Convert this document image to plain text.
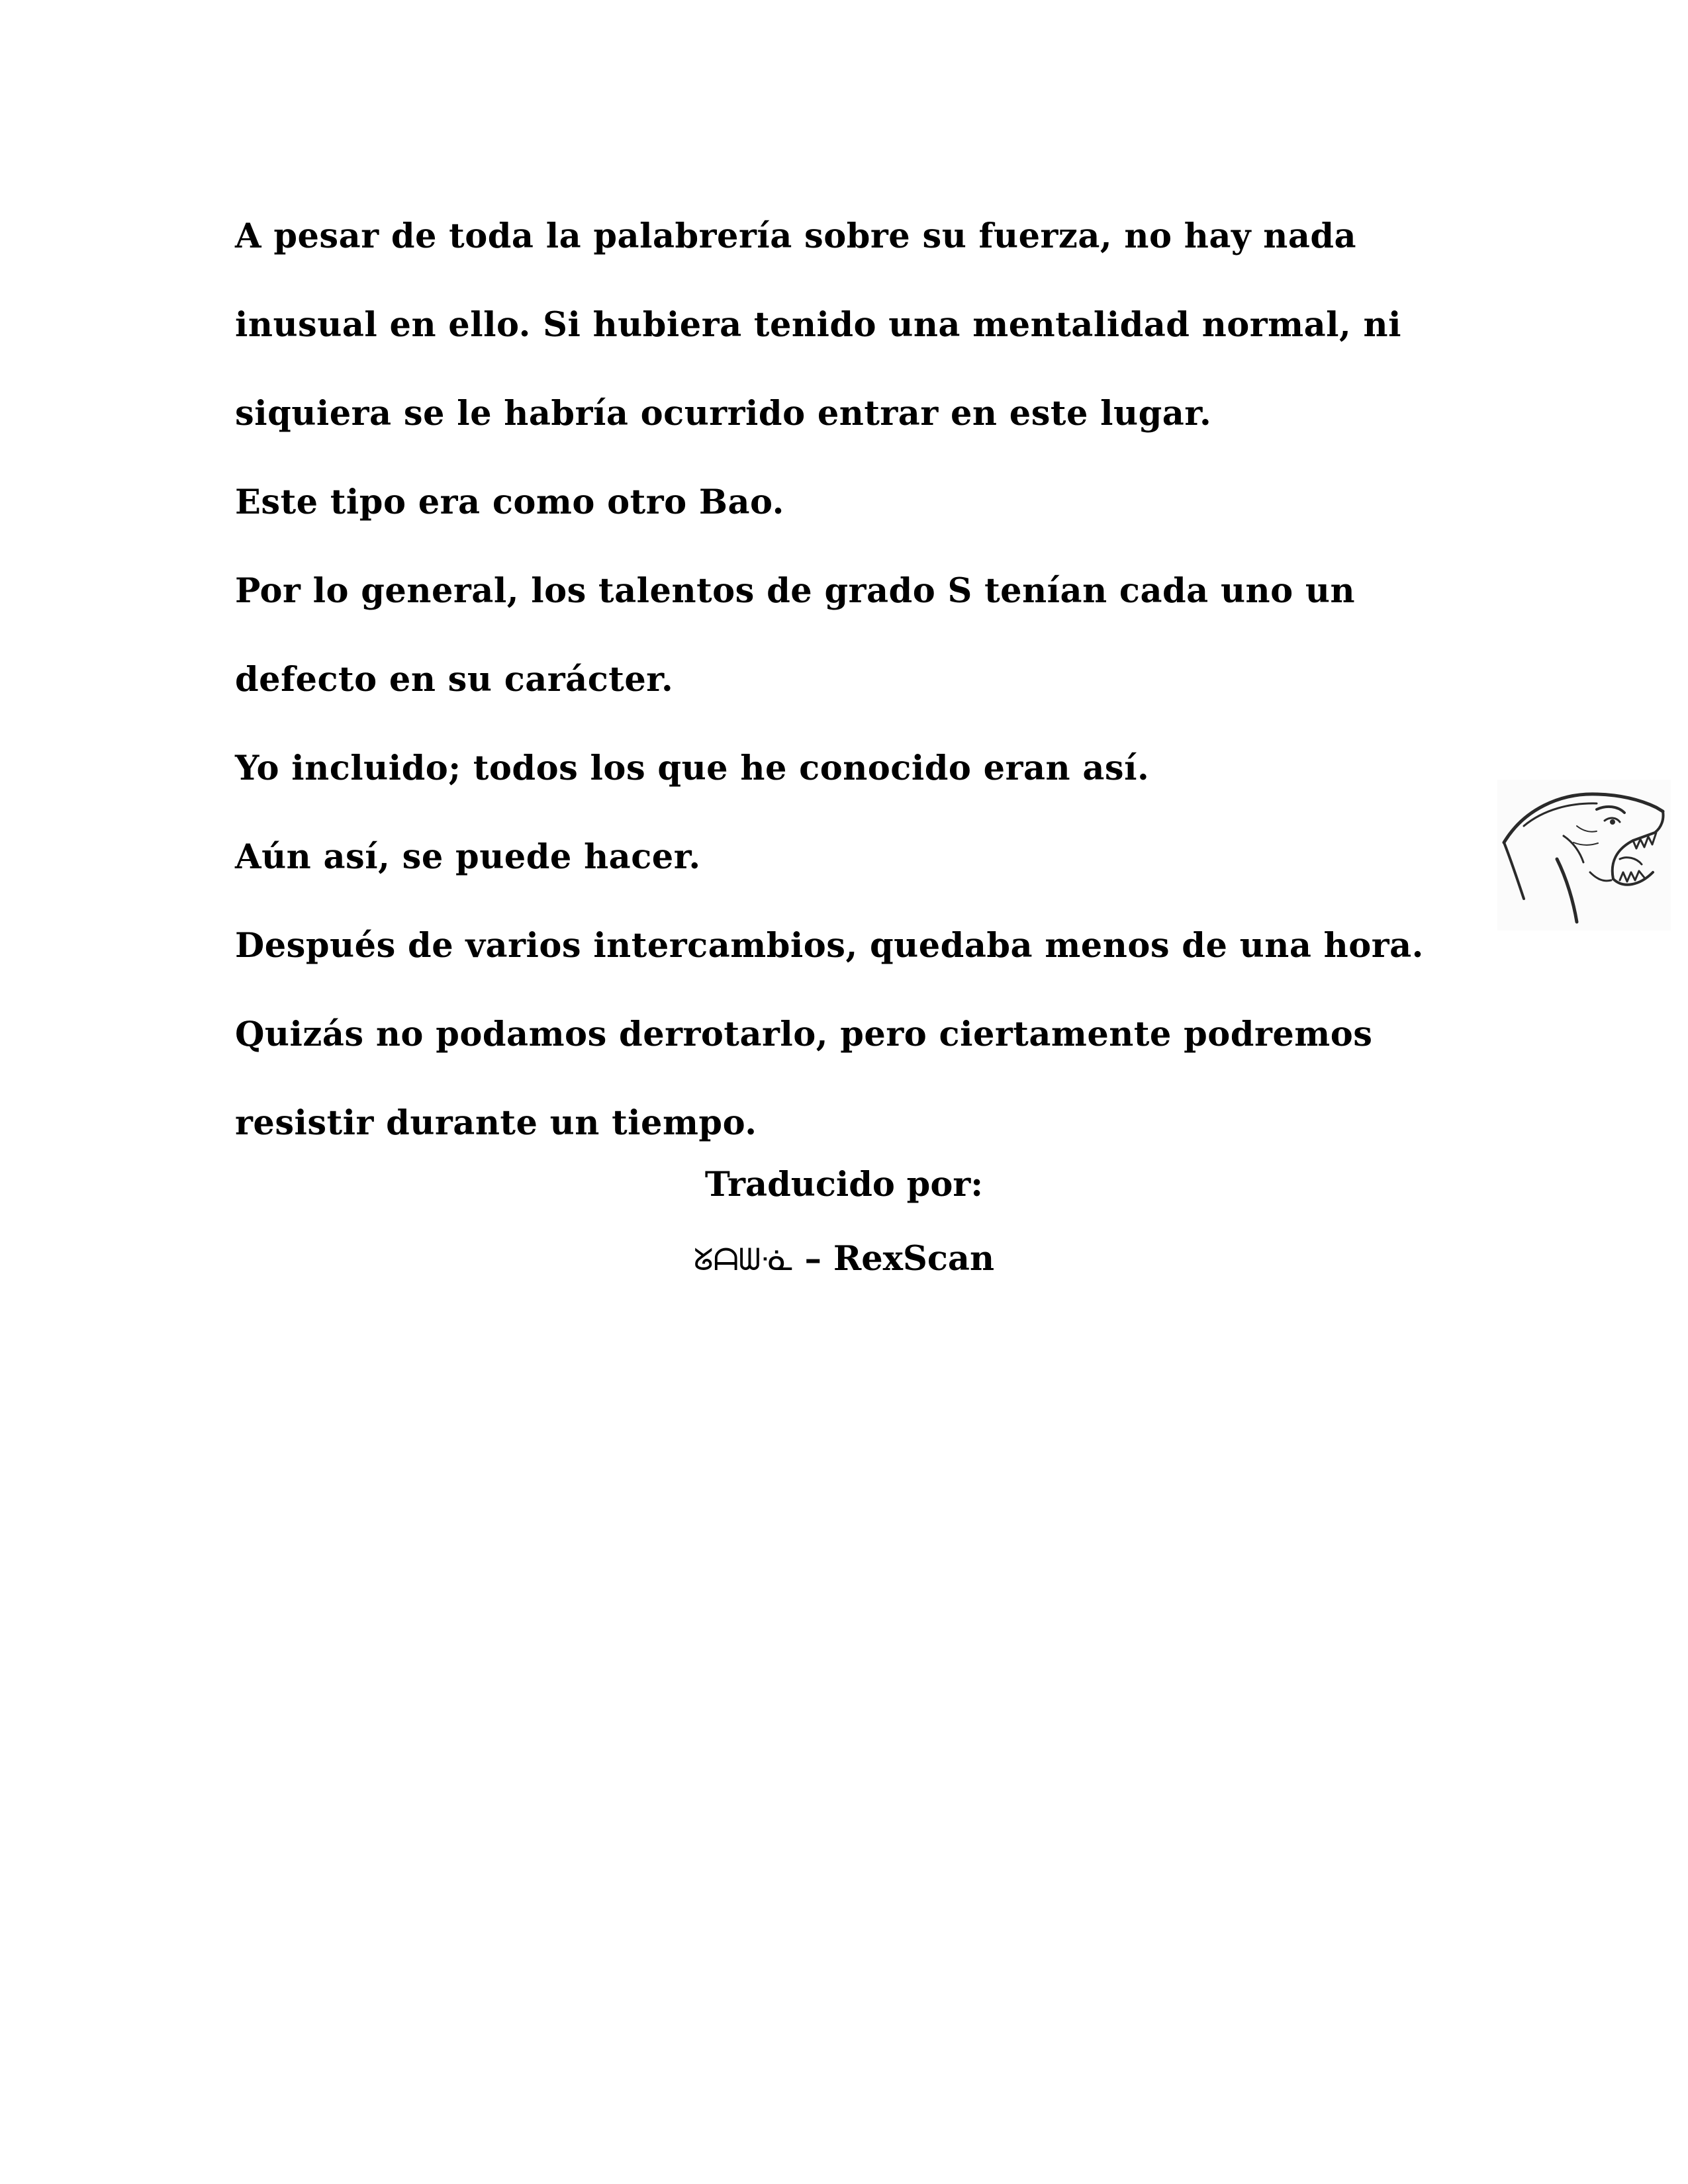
A pesar de toda la palabrería sobre su fuerza, no hay nada
inusual en ello. Si hubiera tenido una mentalidad normal, ni
siquiera se le habría ocurrido entrar en este lugar.
Este tipo era como otro Bao.
Por lo general, los talentos de grado S tenían cada uno un
defecto en su carácter.
Yo incluido; todos los que he conocido eran así.
Aún así, se puede hacer.
Después de varios intercambios, quedaba menos de una hora.
Quizás no podamos derrotarlo, pero ciertamente podremos
resistir durante un tiempo.
Traducido por:
ᘜᗩᗯᓍ – RexScan
